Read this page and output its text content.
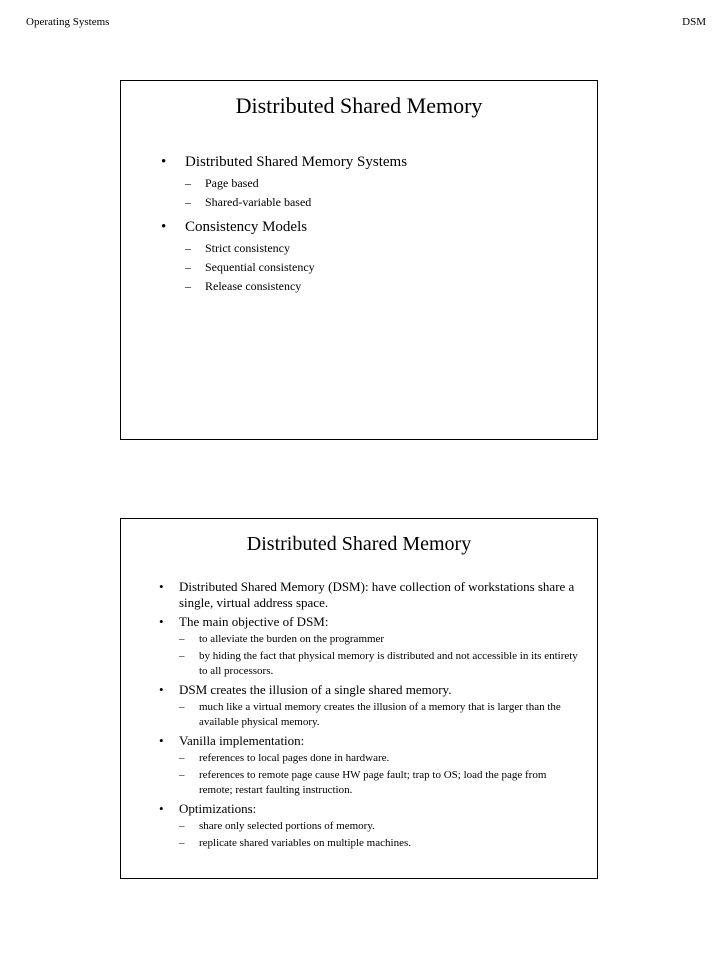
Operating Systems	DSM
Distributed Shared Memory
• Distributed Shared Memory Systems
– Page based
– Shared-variable based
• Consistency Models
– Strict consistency
– Sequential consistency
– Release consistency
Distributed Shared Memory
• Distributed Shared Memory (DSM): have collection of workstations share a single, virtual address space.
• The main objective of DSM:
– to alleviate the burden on the programmer
– by hiding the fact that physical memory is distributed and not accessible in its entirety to all processors.
• DSM creates the illusion of a single shared memory.
– much like a virtual memory creates the illusion of a memory that is larger than the available physical memory.
• Vanilla implementation:
– references to local pages done in hardware.
– references to remote page cause HW page fault; trap to OS; load the page from remote; restart faulting instruction.
• Optimizations:
– share only selected portions of memory.
– replicate shared variables on multiple machines.
